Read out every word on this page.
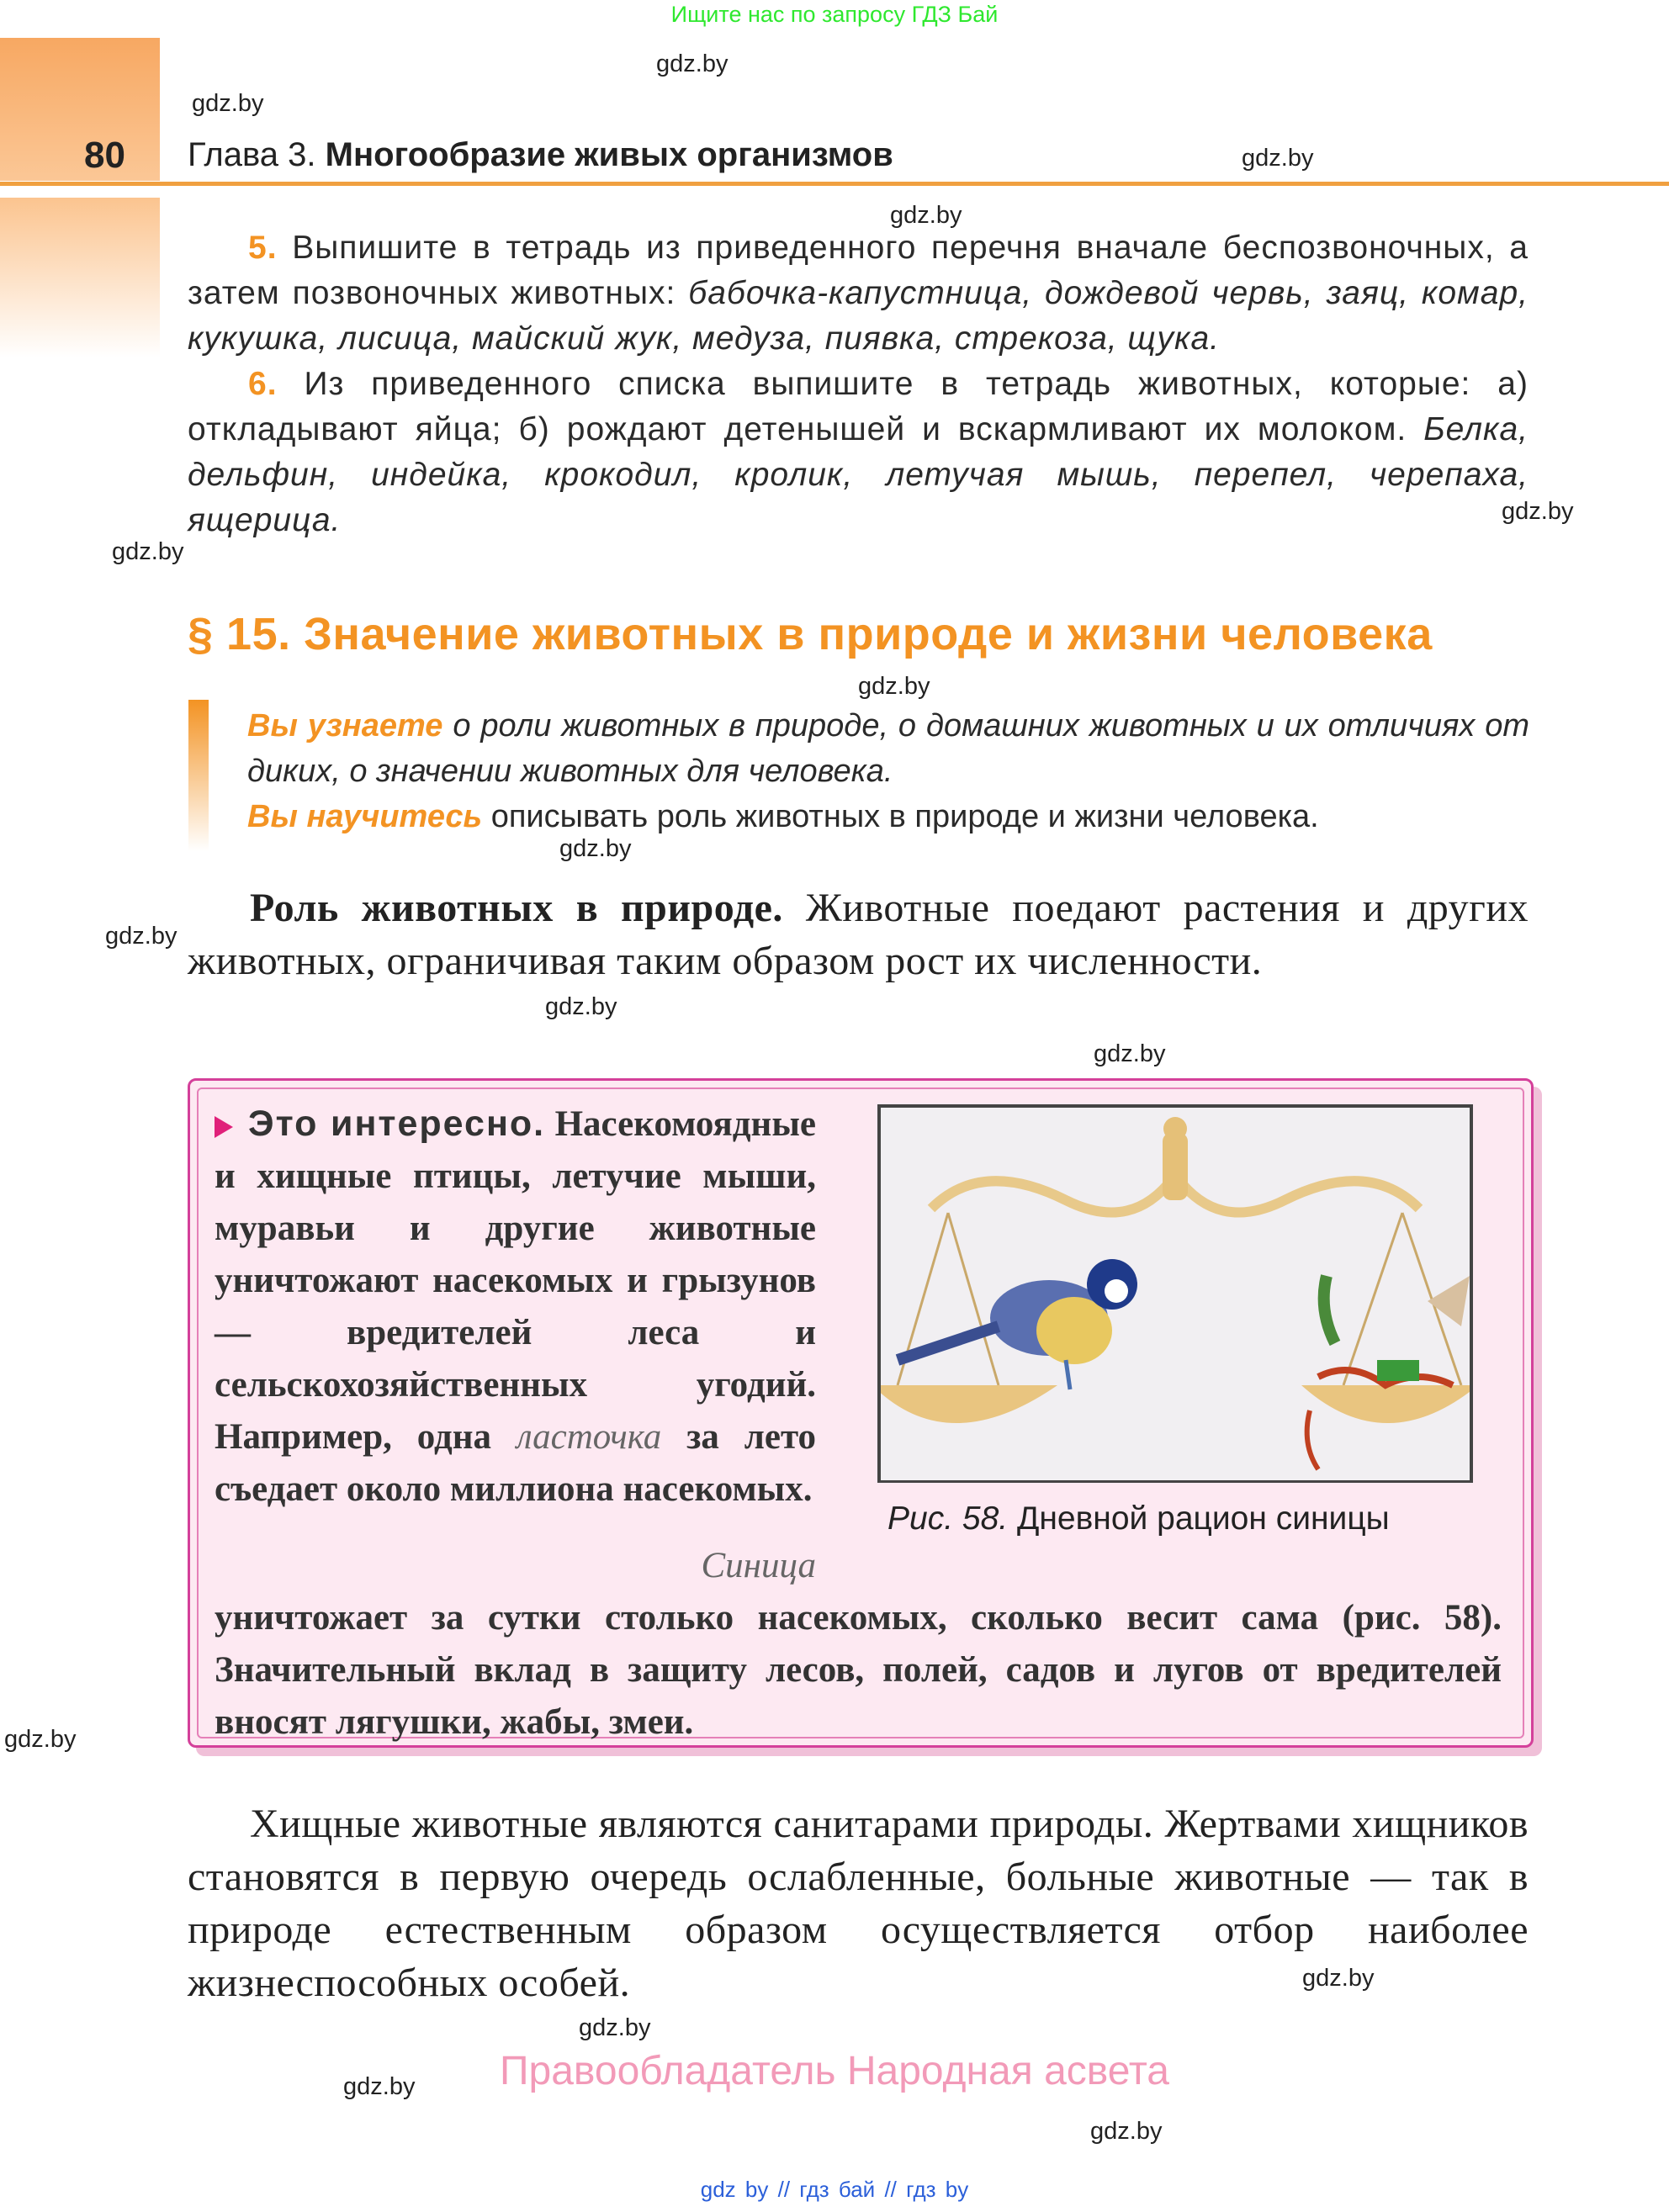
Ищите нас по запросу ГДЗ Бай
80 Глава 3. Многообразие живых организмов
gdz.by
gdz.by
gdz.by
gdz.by
gdz.by
gdz.by
gdz.by
gdz.by
gdz.by
gdz.by
gdz.by
gdz.by
gdz.by
gdz.by
gdz.by
gdz.by
5. Выпишите в тетрадь из приведенного перечня вначале беспозвоночных, а затем позвоночных животных: бабочка-капустница, дождевой червь, заяц, комар, кукушка, лисица, майский жук, медуза, пиявка, стрекоза, щука.
6. Из приведенного списка выпишите в тетрадь животных, которые: а) откладывают яйца; б) рождают детенышей и вскармливают их молоком. Белка, дельфин, индейка, крокодил, кролик, летучая мышь, перепел, черепаха, ящерица.
§ 15. Значение животных в природе и жизни человека
Вы узнаете о роли животных в природе, о домашних животных и их отличиях от диких, о значении животных для человека.
Вы научитесь описывать роль животных в природе и жизни человека.
Роль животных в природе. Животные поедают растения и других животных, ограничивая таким образом рост их численности.
Это интересно. Насекомоядные и хищные птицы, летучие мыши, муравьи и другие животные уничтожают насекомых и грызунов — вредителей леса и сельскохозяйственных угодий. Например, одна ласточка за лето съедает около миллиона насекомых.
Синица
уничтожает за сутки столько насекомых, сколько весит сама (рис. 58). Значительный вклад в защиту лесов, полей, садов и лугов от вредителей вносят лягушки, жабы, змеи.
Рис. 58. Дневной рацион синицы
Хищные животные являются санитарами природы. Жертвами хищников становятся в первую очередь ослабленные, больные животные — так в природе естественным образом осуществляется отбор наиболее жизнеспособных особей.
Правообладатель Народная асвета
gdz by // гдз бай // гдз by
